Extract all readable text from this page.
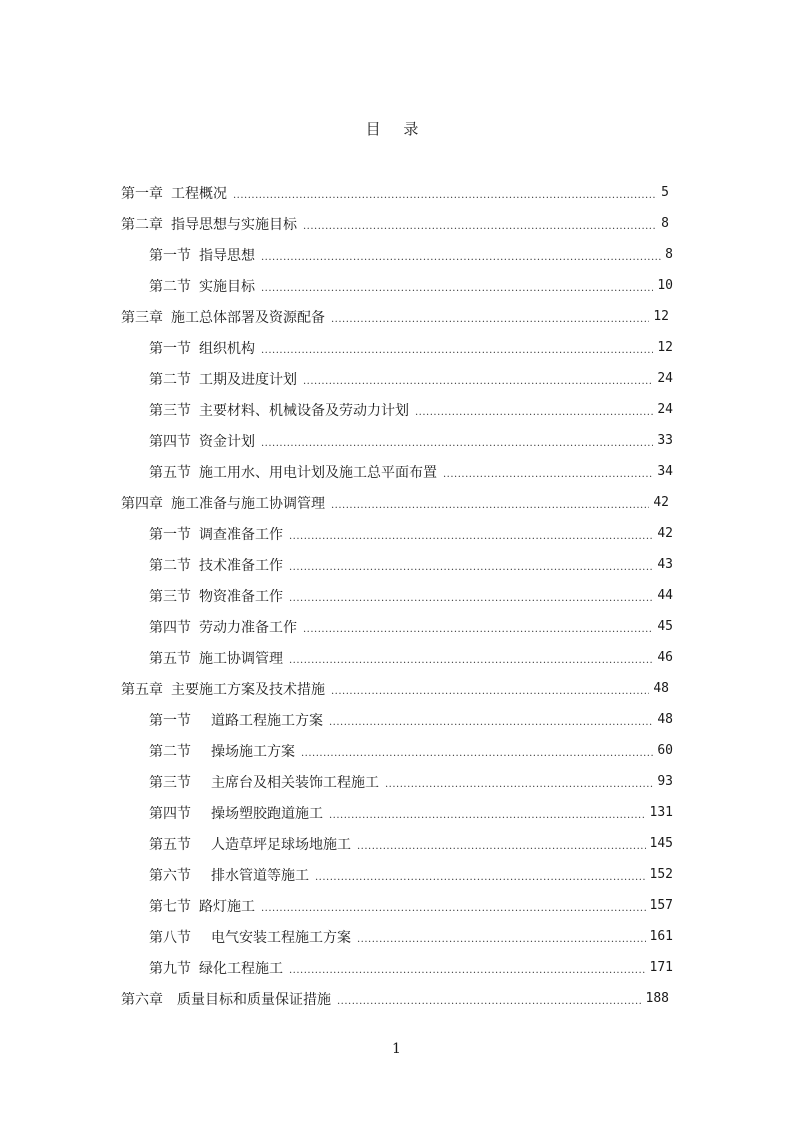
目 录
第一章 工程概况 .....	5
第二章 指导思想与实施目标 .....	8
第一节 指导思想 .....	8
第二节 实施目标 .....	10
第三章 施工总体部署及资源配备 .....	12
第一节 组织机构 .....	12
第二节 工期及进度计划 .....	24
第三节 主要材料、机械设备及劳动力计划 .....	24
第四节 资金计划 .....	33
第五节 施工用水、用电计划及施工总平面布置 .....	34
第四章 施工准备与施工协调管理 .....	42
第一节 调查准备工作 .....	42
第二节 技术准备工作 .....	43
第三节 物资准备工作 .....	44
第四节 劳动力准备工作 .....	45
第五节 施工协调管理 .....	46
第五章 主要施工方案及技术措施 .....	48
第一节 道路工程施工方案 .....	48
第二节 操场施工方案 .....	60
第三节 主席台及相关装饰工程施工 .....	93
第四节 操场塑胶跑道施工 .....	131
第五节 人造草坪足球场地施工 .....	145
第六节 排水管道等施工 .....	152
第七节 路灯施工 .....	157
第八节 电气安装工程施工方案 .....	161
第九节 绿化工程施工 .....	171
第六章 质量目标和质量保证措施 .....	188
1
